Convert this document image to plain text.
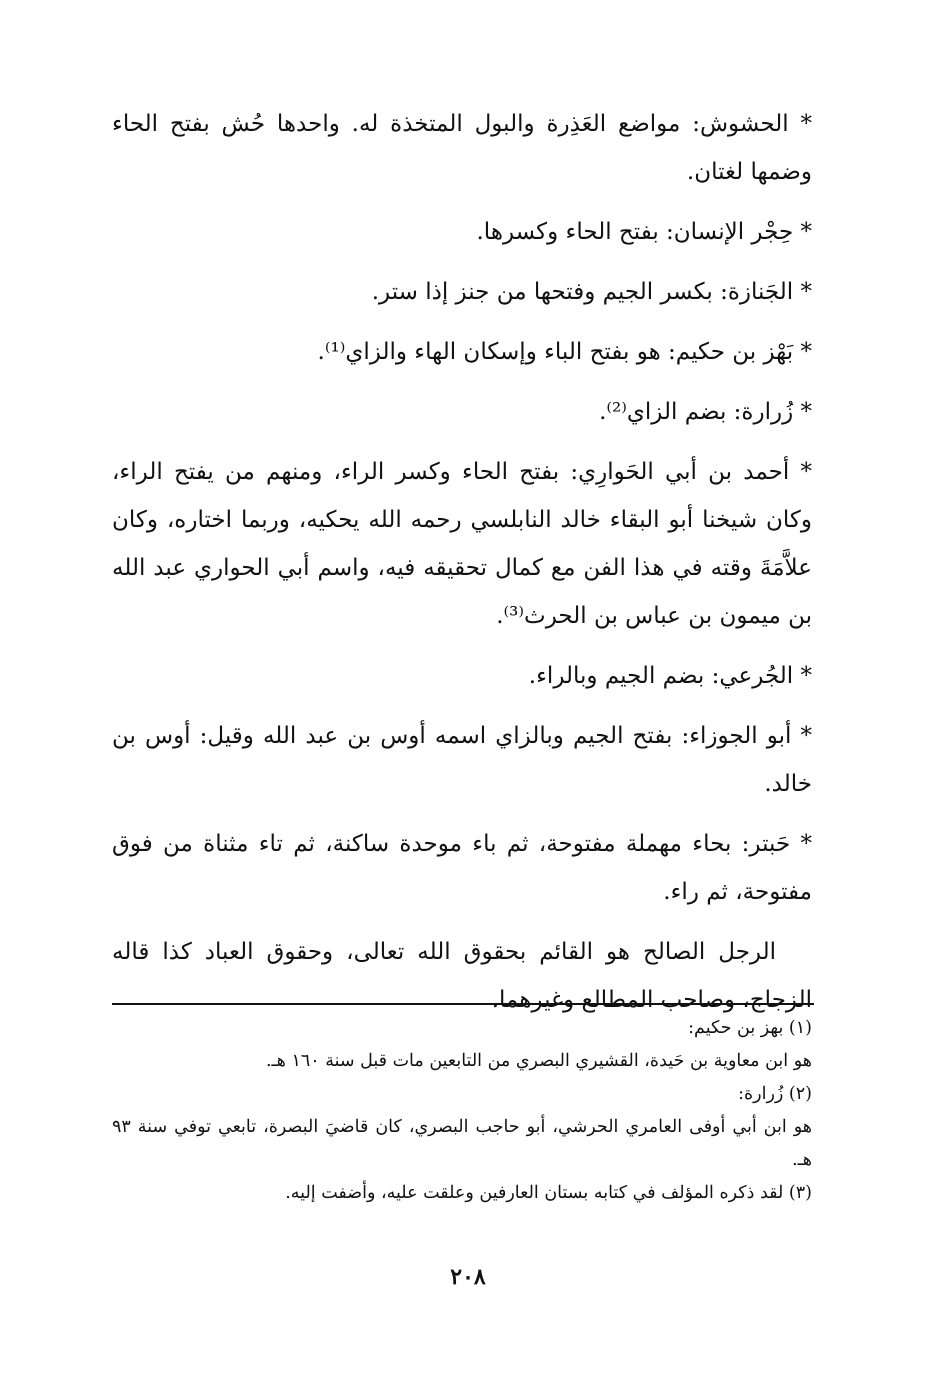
* الحشوش: مواضع العَذِرة والبول المتخذة له. واحدها حُش بفتح الحاء وضمها لغتان.

* حِجْر الإنسان: بفتح الحاء وكسرها.

* الجَنازة: بكسر الجيم وفتحها من جنز إذا ستر.

* بَهْز بن حكيم: هو بفتح الباء وإسكان الهاء والزاي⁽¹⁾.

* زُرارة: بضم الزاي⁽²⁾.

* أحمد بن أبي الحَوارِي: بفتح الحاء وكسر الراء، ومنهم من يفتح الراء، وكان شيخنا أبو البقاء خالد النابلسي رحمه الله يحكيه، وربما اختاره، وكان علاَّمَةَ وقته في هذا الفن مع كمال تحقيقه فيه، واسم أبي الحواري عبد الله بن ميمون بن عباس بن الحرث⁽³⁾.

* الجُرعي: بضم الجيم وبالراء.

* أبو الجوزاء: بفتح الجيم وبالزاي اسمه أوس بن عبد الله وقيل: أوس بن خالد.

* حَبتر: بحاء مهملة مفتوحة، ثم باء موحدة ساكنة، ثم تاء مثناة من فوق مفتوحة، ثم راء.

الرجل الصالح هو القائم بحقوق الله تعالى، وحقوق العباد كذا قاله الزجاج، وصاحب المطالع وغيرهما.

(١) بهز بن حكيم:

هو ابن معاوية بن حَيدة، القشيري البصري من التابعين مات قبل سنة ١٦٠ هـ.

(٢) زُرارة:

هو ابن أبي أوفى العامري الحرشي، أبو حاجب البصري، كان قاضيَ البصرة، تابعي توفي سنة ٩٣ هـ.

(٣) لقد ذكره المؤلف في كتابه بستان العارفين وعلقت عليه، وأضفت إليه.

٢٠٨
